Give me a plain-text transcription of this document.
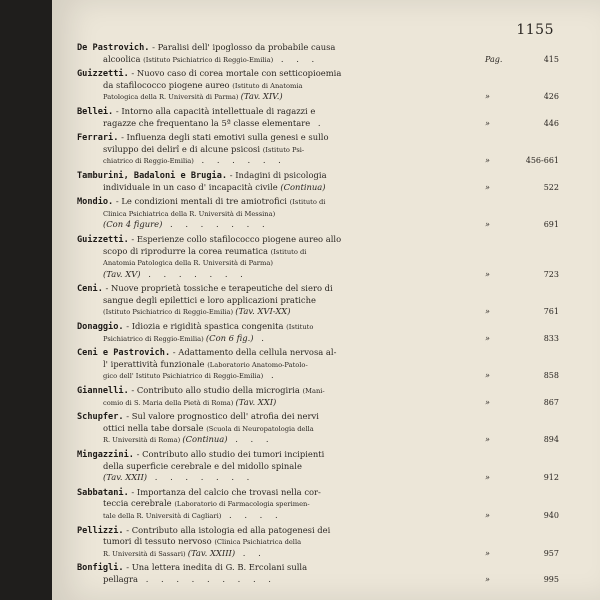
1155
De Pastrovich. - Paralisi dell' ipoglosso da probabile causa
alcoolica (Istituto Psichiatrico di Reggio-Emilia) . . .	Pag.	415
Guizzetti. - Nuovo caso di corea mortale con setticopioemia
da stafilococco piogene aureo (Istituto di Anatomia
Patologica della R. Università di Parma) (Tav. XIV.)	»	426
Bellei. - Intorno alla capacità intellettuale di ragazzi e
ragazze che frequentano la 5ª classe elementare .	»	446
Ferrari. - Influenza degli stati emotivi sulla genesi e sullo
sviluppo dei delirî e di alcune psicosi (Istituto Psi-
chiatrico di Reggio-Emilia) . . . . . .	»	456-661
Tamburini, Badaloni e Brugia. - Indagini di psicologia
individuale in un caso d' incapacità civile (Continua)	»	522
Mondio. - Le condizioni mentali di tre amiotrofici (Istituto di
Clinica Psichiatrica della R. Università di Messina)
(Con 4 figure) . . . . . . .	»	691
Guizzetti. - Esperienze collo stafilococco piogene aureo allo
scopo di riprodurre la corea reumatica (Istituto di
Anatomia Patologica della R. Università di Parma)
(Tav. XV) . . . . . . .	»	723
Ceni. - Nuove proprietà tossiche e terapeutiche del siero di
sangue degli epilettici e loro applicazioni pratiche
(Istituto Psichiatrico di Reggio-Emilia) (Tav. XVI-XX)	»	761
Donaggio. - Idiozia e rigidità spastica congenita (Istituto
Psichiatrico di Reggio-Emilia) (Con 6 fig.) .	»	833
Ceni e Pastrovich. - Adattamento della cellula nervosa al-
l' iperattività funzionale (Laboratorio Anatomo-Patolo-
gico dell' Istituto Psichiatrico di Reggio-Emilia) .	»	858
Giannelli. - Contributo allo studio della microgiria (Mani-
comio di S. Maria della Pietà di Roma) (Tav. XXI)	»	867
Schupfer. - Sul valore prognostico dell' atrofia dei nervi
ottici nella tabe dorsale (Scuola di Neuropatologia della
R. Università di Roma) (Continua) . . .	»	894
Mingazzini. - Contributo allo studio dei tumori incipienti
della superficie cerebrale e del midollo spinale
(Tav. XXII) . . . . . . .	»	912
Sabbatani. - Importanza del calcio che trovasi nella cor-
teccia cerebrale (Laboratorio di Farmacologia sperimen-
tale della R. Università di Cagliari) . . . .	»	940
Pellizzi. - Contributo alla istologia ed alla patogenesi dei
tumori di tessuto nervoso (Clinica Psichiatrica della
R. Università di Sassari) (Tav. XXIII) . .	»	957
Bonfigli. - Una lettera inedita di G. B. Ercolani sulla
pellagra . . . . . . . . .	»	995
